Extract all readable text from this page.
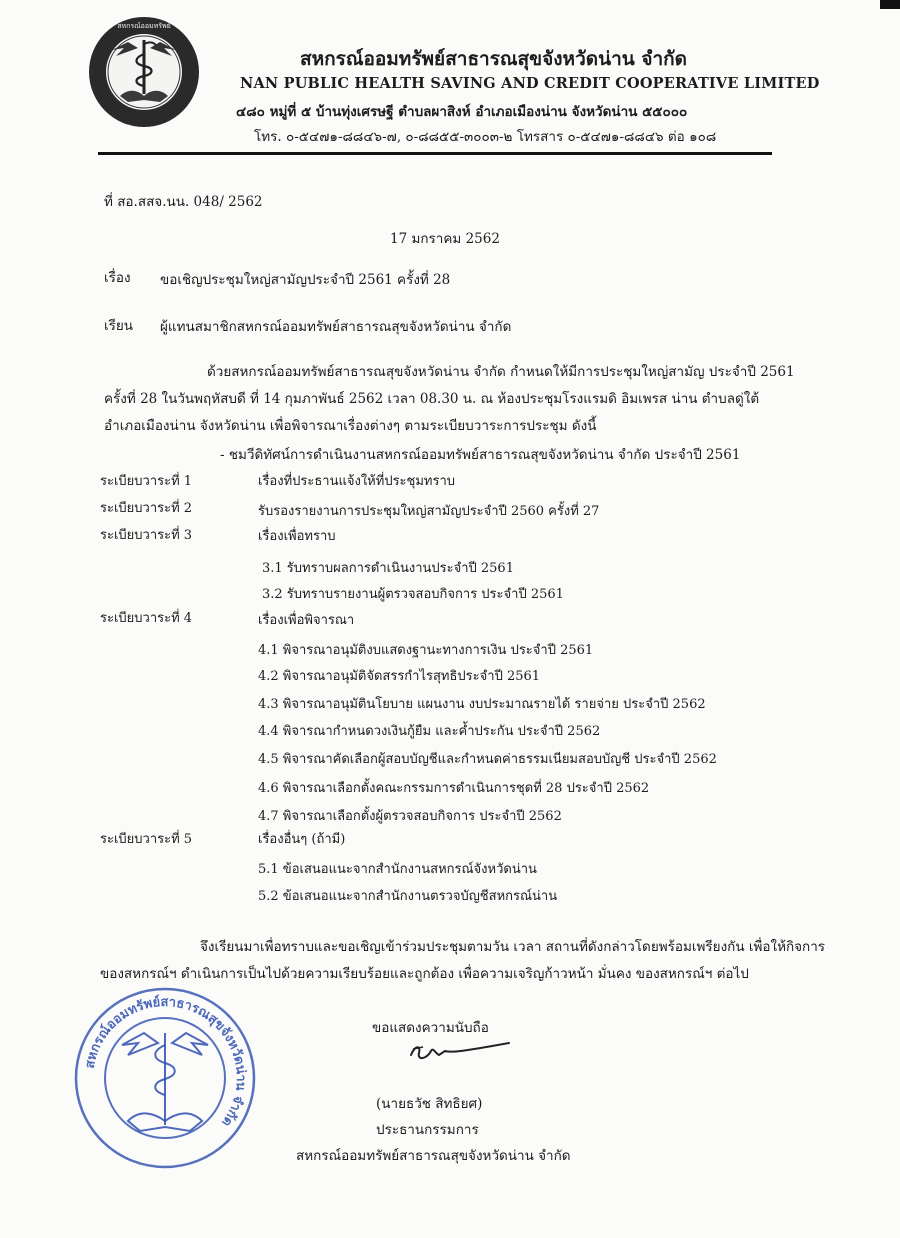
สหกรณ์ออมทรัพย์
สหกรณ์ออมทรัพย์สาธารณสุขจังหวัดน่าน จำกัด
NAN PUBLIC HEALTH SAVING AND CREDIT COOPERATIVE LIMITED
๔๘๐ หมู่ที่ ๕ บ้านทุ่งเศรษฐี ตำบลผาสิงห์ อำเภอเมืองน่าน จังหวัดน่าน ๕๕๐๐๐
โทร. ๐-๕๔๗๑-๘๘๔๖-๗, ๐-๘๘๕๕-๓๐๐๓-๒ โทรสาร ๐-๕๔๗๑-๘๘๔๖ ต่อ ๑๐๘
ที่ สอ.สสจ.นน. 048/ 2562
17 มกราคม 2562
เรื่อง ขอเชิญประชุมใหญ่สามัญประจำปี 2561 ครั้งที่ 28
เรียน ผู้แทนสมาชิกสหกรณ์ออมทรัพย์สาธารณสุขจังหวัดน่าน จำกัด
ด้วยสหกรณ์ออมทรัพย์สาธารณสุขจังหวัดน่าน จำกัด กำหนดให้มีการประชุมใหญ่สามัญ ประจำปี 2561
ครั้งที่ 28 ในวันพฤหัสบดี ที่ 14 กุมภาพันธ์ 2562 เวลา 08.30 น. ณ ห้องประชุมโรงแรมดิ อิมเพรส น่าน ตำบลดู่ใต้
อำเภอเมืองน่าน จังหวัดน่าน เพื่อพิจารณาเรื่องต่างๆ ตามระเบียบวาระการประชุม ดังนี้
- ชมวีดิทัศน์การดำเนินงานสหกรณ์ออมทรัพย์สาธารณสุขจังหวัดน่าน จำกัด ประจำปี 2561
ระเบียบวาระที่ 1	เรื่องที่ประธานแจ้งให้ที่ประชุมทราบ
ระเบียบวาระที่ 2	รับรองรายงานการประชุมใหญ่สามัญประจำปี 2560 ครั้งที่ 27
ระเบียบวาระที่ 3	เรื่องเพื่อทราบ
3.1 รับทราบผลการดำเนินงานประจำปี 2561
3.2 รับทราบรายงานผู้ตรวจสอบกิจการ ประจำปี 2561
ระเบียบวาระที่ 4	เรื่องเพื่อพิจารณา
4.1 พิจารณาอนุมัติงบแสดงฐานะทางการเงิน ประจำปี 2561
4.2 พิจารณาอนุมัติจัดสรรกำไรสุทธิประจำปี 2561
4.3 พิจารณาอนุมัตินโยบาย แผนงาน งบประมาณรายได้ รายจ่าย ประจำปี 2562
4.4 พิจารณากำหนดวงเงินกู้ยืม และค้ำประกัน ประจำปี 2562
4.5 พิจารณาคัดเลือกผู้สอบบัญชีและกำหนดค่าธรรมเนียมสอบบัญชี ประจำปี 2562
4.6 พิจารณาเลือกตั้งคณะกรรมการดำเนินการชุดที่ 28 ประจำปี 2562
4.7 พิจารณาเลือกตั้งผู้ตรวจสอบกิจการ ประจำปี 2562
ระเบียบวาระที่ 5	เรื่องอื่นๆ (ถ้ามี)
5.1 ข้อเสนอแนะจากสำนักงานสหกรณ์จังหวัดน่าน
5.2 ข้อเสนอแนะจากสำนักงานตรวจบัญชีสหกรณ์น่าน
จึงเรียนมาเพื่อทราบและขอเชิญเข้าร่วมประชุมตามวัน เวลา สถานที่ดังกล่าวโดยพร้อมเพรียงกัน เพื่อให้กิจการ
ของสหกรณ์ฯ ดำเนินการเป็นไปด้วยความเรียบร้อยและถูกต้อง เพื่อความเจริญก้าวหน้า มั่นคง ของสหกรณ์ฯ ต่อไป
ขอแสดงความนับถือ
(นายธวัช สิทธิยศ)
ประธานกรรมการ
สหกรณ์ออมทรัพย์สาธารณสุขจังหวัดน่าน จำกัด
สหกรณ์ออมทรัพย์สาธารณสุขจังหวัดน่าน จำกัด
